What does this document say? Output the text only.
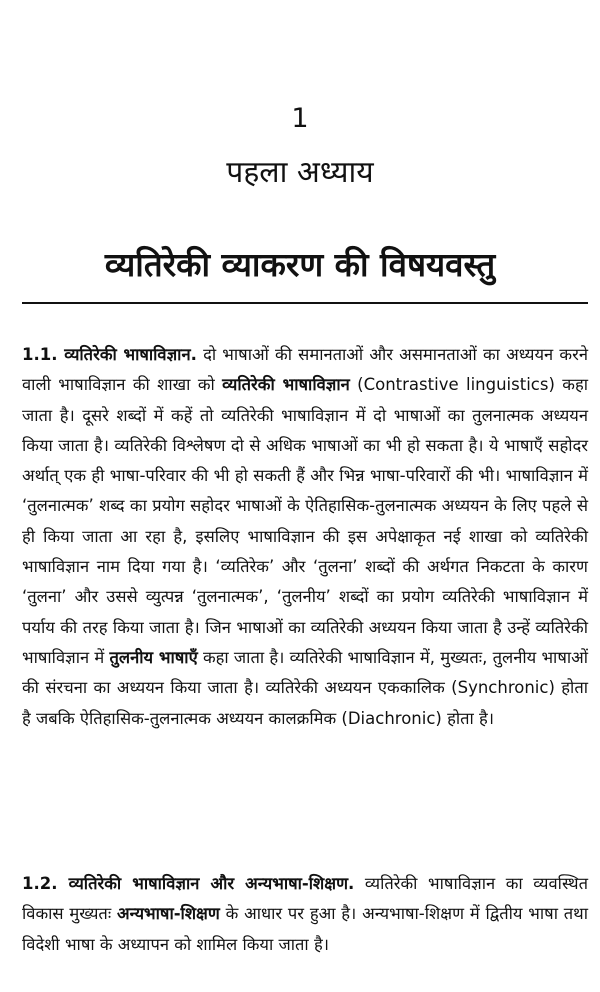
1
पहला अध्याय
व्यतिरेकी व्याकरण की विषयवस्तु
1.1. व्यतिरेकी भाषाविज्ञान. दो भाषाओं की समानताओं और असमानताओं का अध्ययन करने वाली भाषाविज्ञान की शाखा को व्यतिरेकी भाषाविज्ञान (Contrastive linguistics) कहा जाता है। दूसरे शब्दों में कहें तो व्यतिरेकी भाषाविज्ञान में दो भाषाओं का तुलनात्मक अध्ययन किया जाता है। व्यतिरेकी विश्लेषण दो से अधिक भाषाओं का भी हो सकता है। ये भाषाएँ सहोदर अर्थात् एक ही भाषा-परिवार की भी हो सकती हैं और भिन्न भाषा-परिवारों की भी। भाषाविज्ञान में ‘तुलनात्मक’ शब्द का प्रयोग सहोदर भाषाओं के ऐतिहासिक-तुलनात्मक अध्ययन के लिए पहले से ही किया जाता आ रहा है, इसलिए भाषाविज्ञान की इस अपेक्षाकृत नई शाखा को व्यतिरेकी भाषाविज्ञान नाम दिया गया है। ‘व्यतिरेक’ और ‘तुलना’ शब्दों की अर्थगत निकटता के कारण ‘तुलना’ और उससे व्युत्पन्न ‘तुलनात्मक’, ‘तुलनीय’ शब्दों का प्रयोग व्यतिरेकी भाषाविज्ञान में पर्याय की तरह किया जाता है। जिन भाषाओं का व्यतिरेकी अध्ययन किया जाता है उन्हें व्यतिरेकी भाषाविज्ञान में तुलनीय भाषाएँ कहा जाता है। व्यतिरेकी भाषाविज्ञान में, मुख्यतः, तुलनीय भाषाओं की संरचना का अध्ययन किया जाता है। व्यतिरेकी अध्ययन एककालिक (Synchronic) होता है जबकि ऐतिहासिक-तुलनात्मक अध्ययन कालक्रमिक (Diachronic) होता है।
1.2. व्यतिरेकी भाषाविज्ञान और अन्यभाषा-शिक्षण. व्यतिरेकी भाषाविज्ञान का व्यवस्थित विकास मुख्यतः अन्यभाषा-शिक्षण के आधार पर हुआ है। अन्यभाषा-शिक्षण में द्वितीय भाषा तथा विदेशी भाषा के अध्यापन को शामिल किया जाता है।
